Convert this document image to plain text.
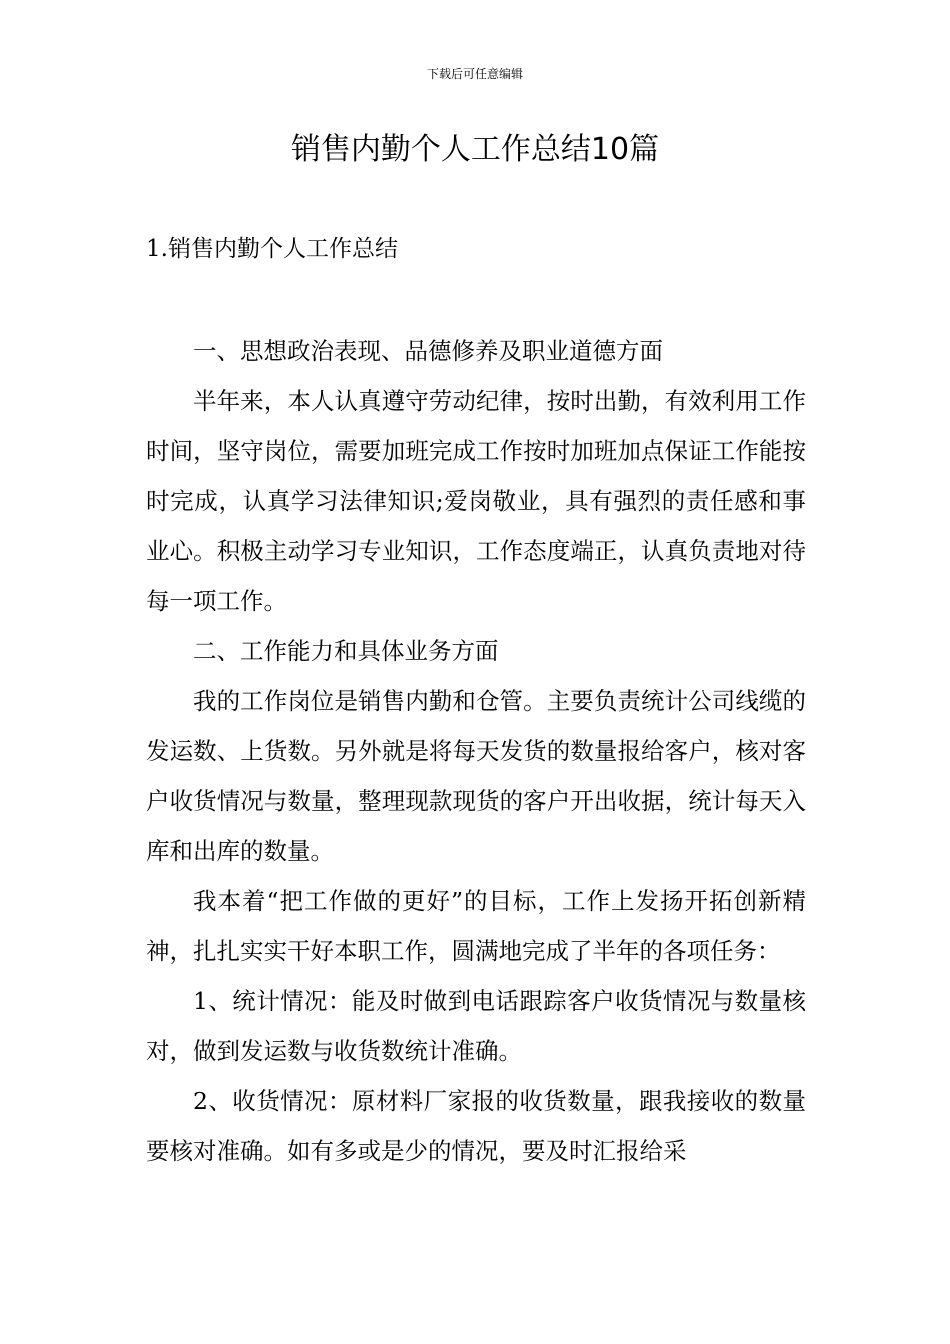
下载后可任意编辑
销售内勤个人工作总结10篇
1.销售内勤个人工作总结

一、思想政治表现、品德修养及职业道德方面

半年来，本人认真遵守劳动纪律，按时出勤，有效利用工作时间，坚守岗位，需要加班完成工作按时加班加点保证工作能按时完成，认真学习法律知识;爱岗敬业，具有强烈的责任感和事业心。积极主动学习专业知识，工作态度端正，认真负责地对待每一项工作。

二、工作能力和具体业务方面

我的工作岗位是销售内勤和仓管。主要负责统计公司线缆的发运数、上货数。另外就是将每天发货的数量报给客户，核对客户收货情况与数量，整理现款现货的客户开出收据，统计每天入库和出库的数量。

我本着“把工作做的更好”的目标，工作上发扬开拓创新精神，扎扎实实干好本职工作，圆满地完成了半年的各项任务：

1、统计情况：能及时做到电话跟踪客户收货情况与数量核对，做到发运数与收货数统计准确。

2、收货情况：原材料厂家报的收货数量，跟我接收的数量要核对准确。如有多或是少的情况，要及时汇报给采
